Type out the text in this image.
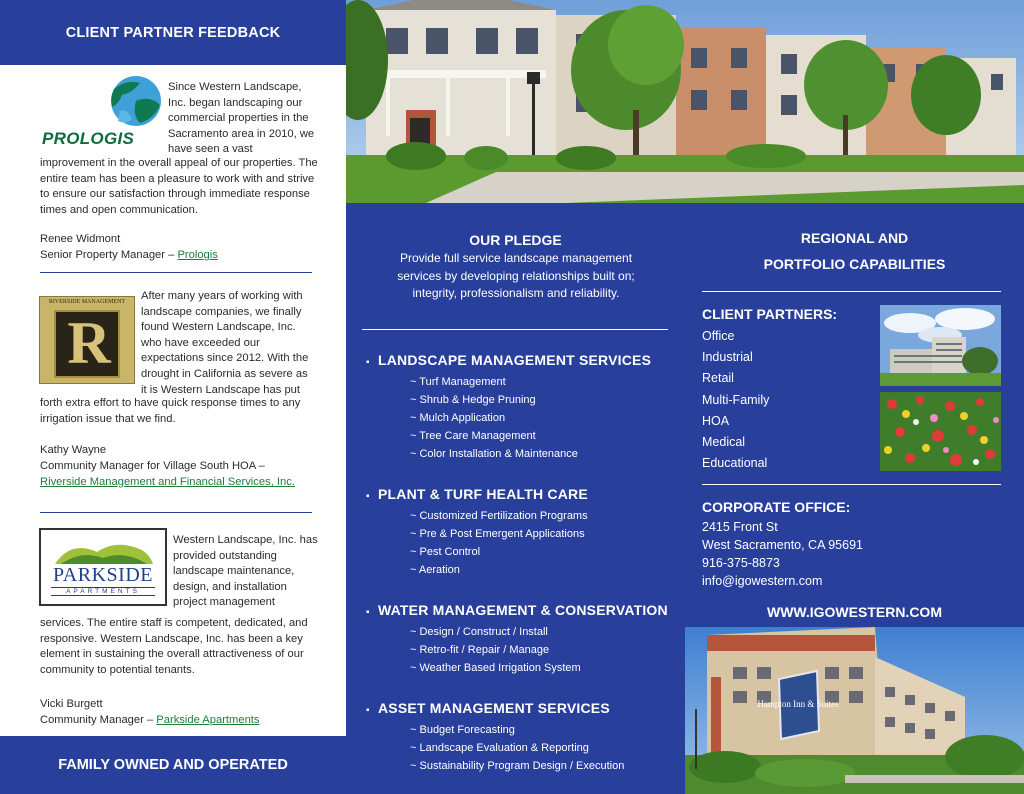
CLIENT PARTNER FEEDBACK
PROLOGIS
Since Western Landscape, Inc. began landscaping our commercial properties in the Sacramento area in 2010, we have seen a vast
improvement in the overall appeal of our properties. The entire team has been a pleasure to work with and strive to ensure our satisfaction through immediate response times and open communication.
Renee Widmont
Senior Property Manager – Prologis
RIVERSIDE MANAGEMENT
R
After many years of working with landscape companies, we finally found Western Landscape, Inc. who have exceeded our expectations since 2012. With the drought in California as severe as it is Western Landscape has put
forth extra effort to have quick response times to any irrigation issue that we find.
Kathy Wayne
Community Manager for Village South HOA –
Riverside Management and Financial Services, Inc.
PARKSIDE
APARTMENTS
Western Landscape, Inc. has provided outstanding landscape maintenance, design, and installation project management
services. The entire staff is competent, dedicated, and responsive. Western Landscape, Inc. has been a key element in sustaining the overall attractiveness of our community to potential tenants.
Vicki Burgett
Community Manager – Parkside Apartments
FAMILY OWNED AND OPERATED
OUR PLEDGE
Provide full service landscape management services by developing relationships built on; integrity, professionalism and reliability.
▪ LANDSCAPE MANAGEMENT SERVICES
~ Turf Management
~ Shrub & Hedge Pruning
~ Mulch Application
~ Tree Care Management
~ Color Installation & Maintenance
▪ PLANT & TURF HEALTH CARE
~ Customized Fertilization Programs
~ Pre & Post Emergent Applications
~ Pest Control
~ Aeration
▪ WATER MANAGEMENT & CONSERVATION
~ Design / Construct / Install
~ Retro-fit / Repair / Manage
~ Weather Based Irrigation System
▪ ASSET MANAGEMENT SERVICES
~ Budget Forecasting
~ Landscape Evaluation & Reporting
~ Sustainability Program Design / Execution
REGIONAL AND
PORTFOLIO CAPABILITIES
CLIENT PARTNERS:
Office
Industrial
Retail
Multi-Family
HOA
Medical
Educational
CORPORATE OFFICE:
2415 Front St
West Sacramento, CA 95691
916-375-8873
info@igowestern.com
WWW.IGOWESTERN.COM
Hampton Inn & Suites
